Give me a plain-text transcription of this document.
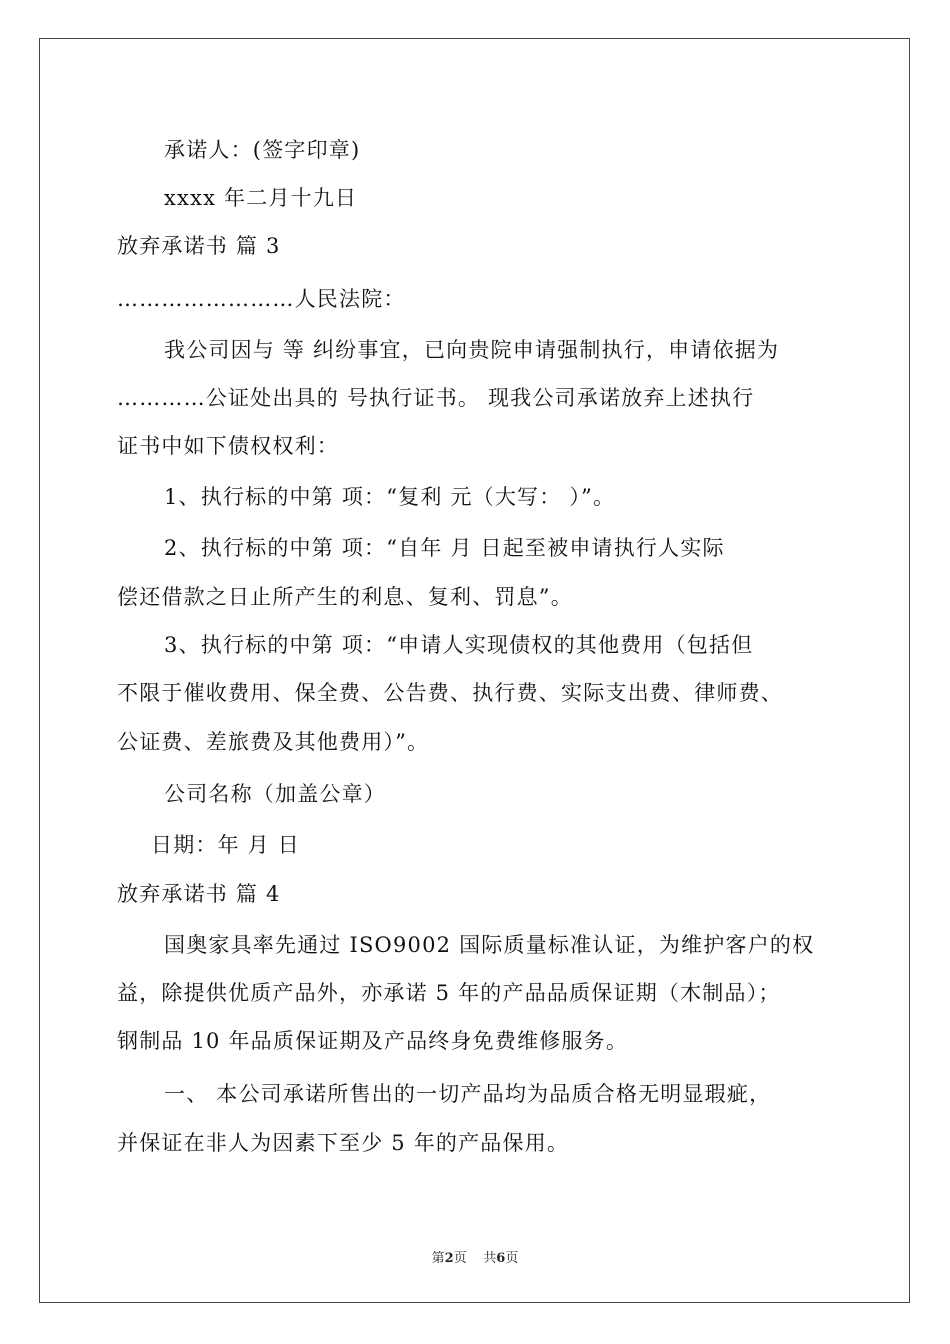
承诺人：(签字印章)
xxxx 年二月十九日
放弃承诺书 篇 3
……………………人民法院：
我公司因与 等 纠纷事宜，已向贵院申请强制执行，申请依据为
…………公证处出具的 号执行证书。 现我公司承诺放弃上述执行
证书中如下债权权利：
1、执行标的中第 项：“复利 元（大写： ）”。
2、执行标的中第 项：“自年 月 日起至被申请执行人实际
偿还借款之日止所产生的利息、复利、罚息”。
3、执行标的中第 项：“申请人实现债权的其他费用（包括但
不限于催收费用、保全费、公告费、执行费、实际支出费、律师费、
公证费、差旅费及其他费用）”。
公司名称（加盖公章）
日期：年 月 日
放弃承诺书 篇 4
国奥家具率先通过 ISO9002 国际质量标准认证，为维护客户的权
益，除提供优质产品外，亦承诺 5 年的产品品质保证期（木制品）；
钢制品 10 年品质保证期及产品终身免费维修服务。
一、 本公司承诺所售出的一切产品均为品质合格无明显瑕疵，
并保证在非人为因素下至少 5 年的产品保用。
第2页 共6页
